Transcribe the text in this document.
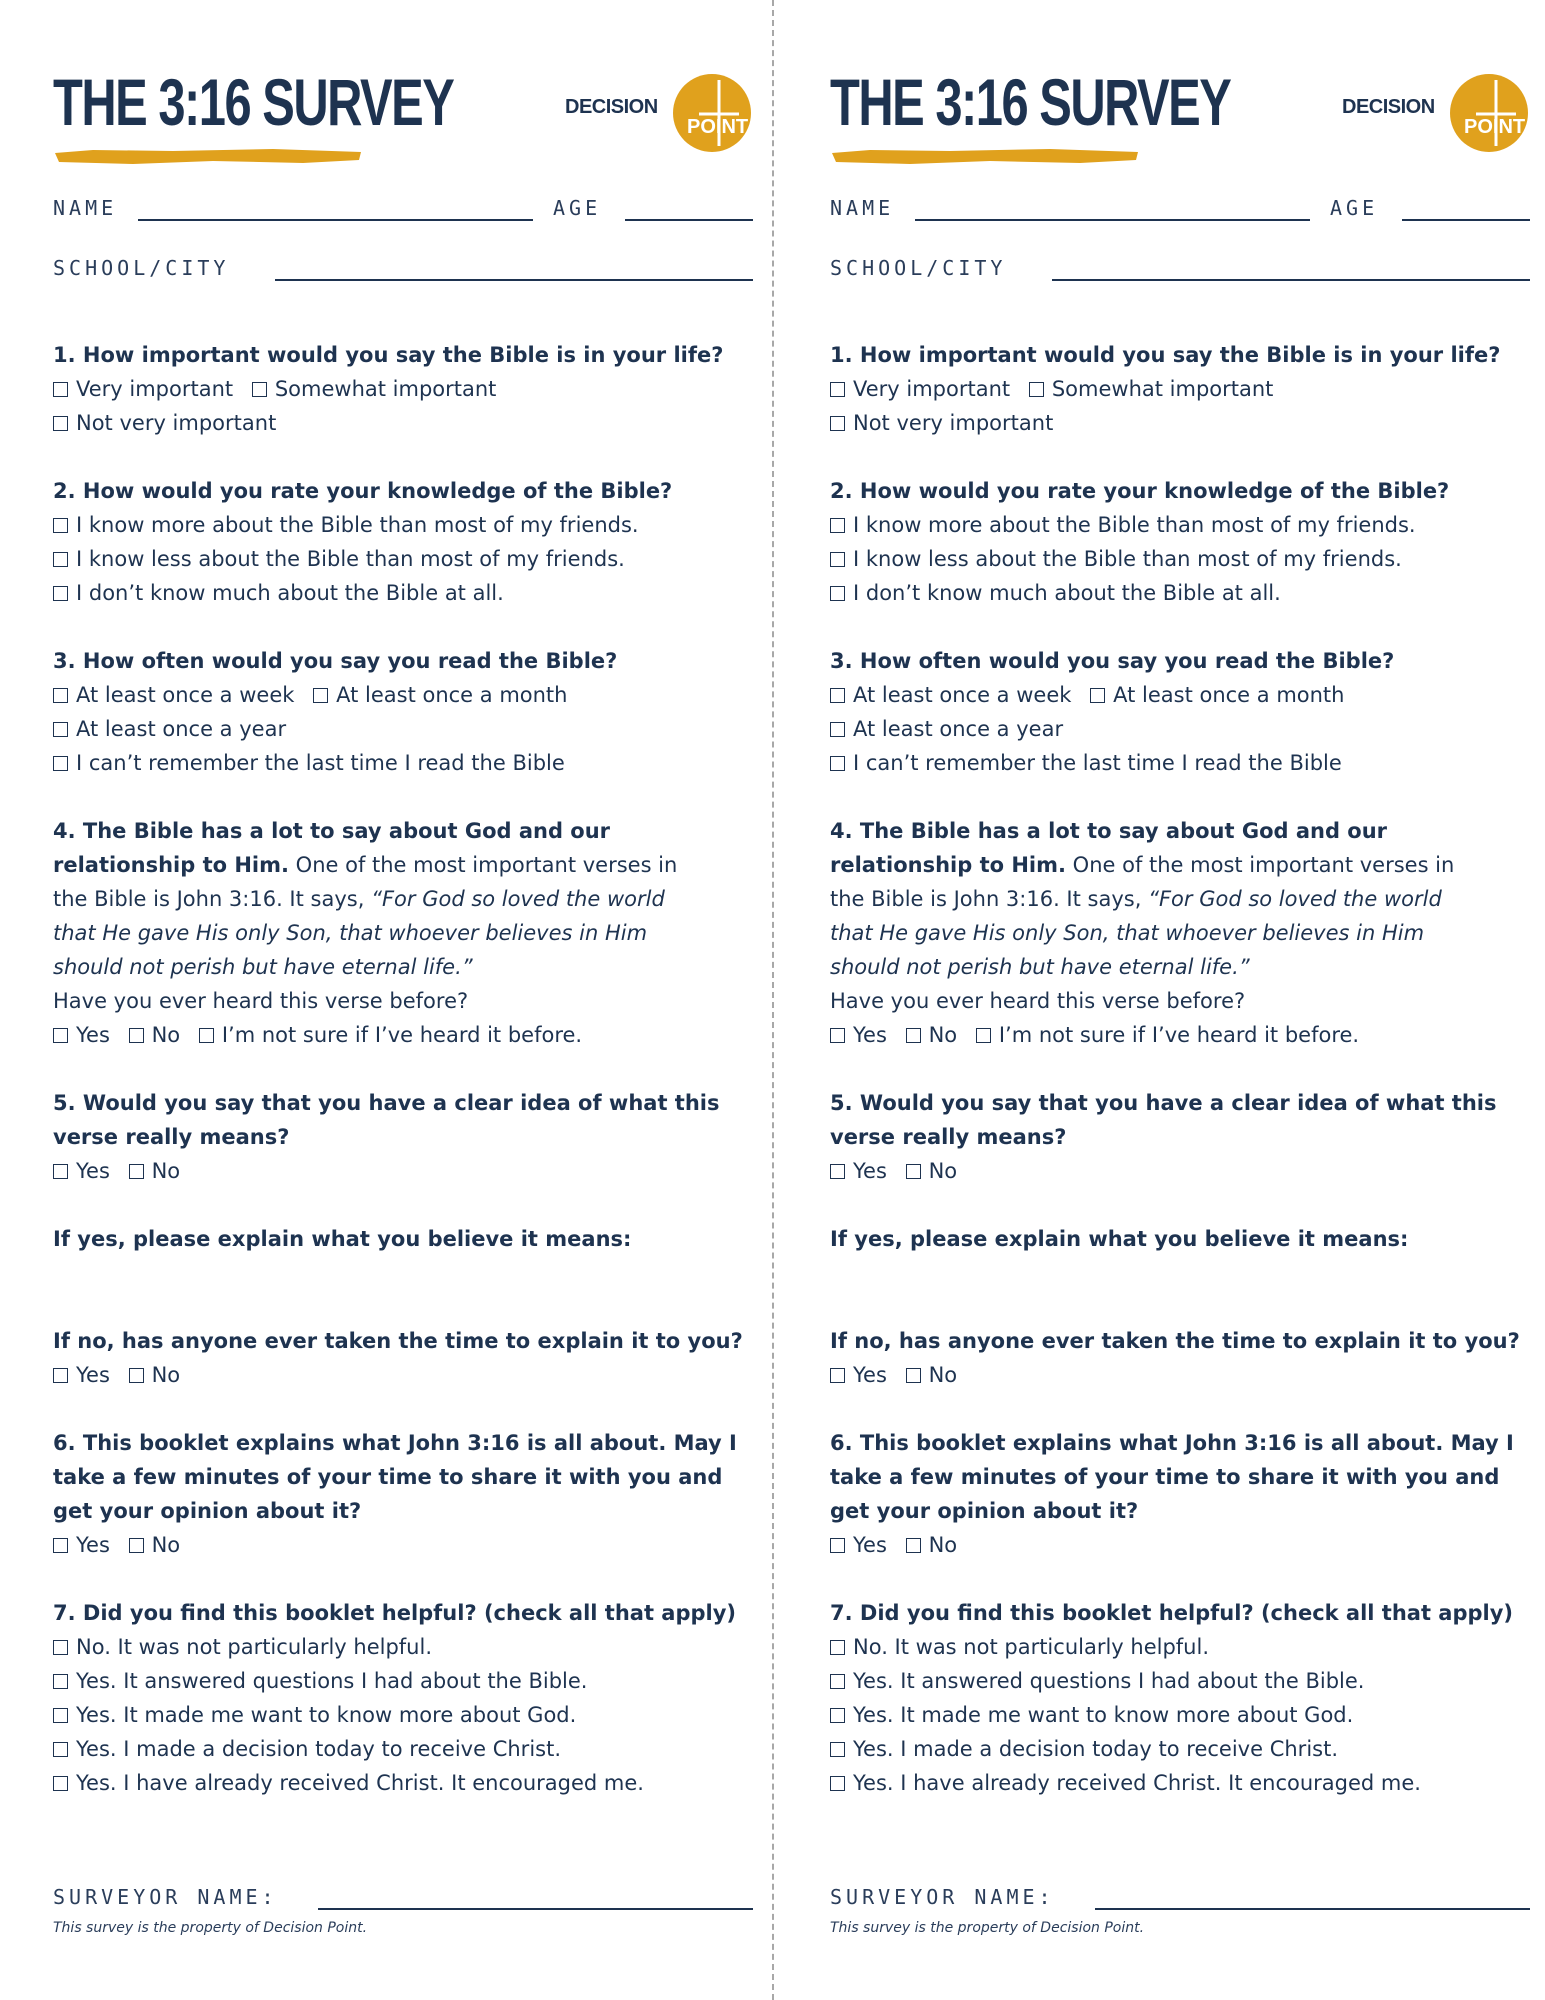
THE 3:16 SURVEY	DECISION
POINT
NAME	AGE
SCHOOL/CITY

1. How important would you say the Bible is in your life?

Very important Somewhat important

Not very important

2. How would you rate your knowledge of the Bible?

I know more about the Bible than most of my friends.

I know less about the Bible than most of my friends.

I don’t know much about the Bible at all.

3. How often would you say you read the Bible?

At least once a week At least once a month

At least once a year

I can’t remember the last time I read the Bible

4. The Bible has a lot to say about God and our

relationship to Him. One of the most important verses in

the Bible is John 3:16. It says, “For God so loved the world

that He gave His only Son, that whoever believes in Him

should not perish but have eternal life.”

Have you ever heard this verse before?

Yes No I’m not sure if I’ve heard it before.

5. Would you say that you have a clear idea of what this

verse really means?

Yes No

If yes, please explain what you believe it means:

If no, has anyone ever taken the time to explain it to you?

Yes No

6. This booklet explains what John 3:16 is all about. May I

take a few minutes of your time to share it with you and

get your opinion about it?

Yes No

7. Did you find this booklet helpful? (check all that apply)

No. It was not particularly helpful.

Yes. It answered questions I had about the Bible.

Yes. It made me want to know more about God.

Yes. I made a decision today to receive Christ.

Yes. I have already received Christ. It encouraged me.

SURVEYOR NAME:
This survey is the property of Decision Point.
THE 3:16 SURVEY	DECISION
POINT
NAME	AGE
SCHOOL/CITY

1. How important would you say the Bible is in your life?

Very important Somewhat important

Not very important

2. How would you rate your knowledge of the Bible?

I know more about the Bible than most of my friends.

I know less about the Bible than most of my friends.

I don’t know much about the Bible at all.

3. How often would you say you read the Bible?

At least once a week At least once a month

At least once a year

I can’t remember the last time I read the Bible

4. The Bible has a lot to say about God and our

relationship to Him. One of the most important verses in

the Bible is John 3:16. It says, “For God so loved the world

that He gave His only Son, that whoever believes in Him

should not perish but have eternal life.”

Have you ever heard this verse before?

Yes No I’m not sure if I’ve heard it before.

5. Would you say that you have a clear idea of what this

verse really means?

Yes No

If yes, please explain what you believe it means:

If no, has anyone ever taken the time to explain it to you?

Yes No

6. This booklet explains what John 3:16 is all about. May I

take a few minutes of your time to share it with you and

get your opinion about it?

Yes No

7. Did you find this booklet helpful? (check all that apply)

No. It was not particularly helpful.

Yes. It answered questions I had about the Bible.

Yes. It made me want to know more about God.

Yes. I made a decision today to receive Christ.

Yes. I have already received Christ. It encouraged me.

SURVEYOR NAME:
This survey is the property of Decision Point.
